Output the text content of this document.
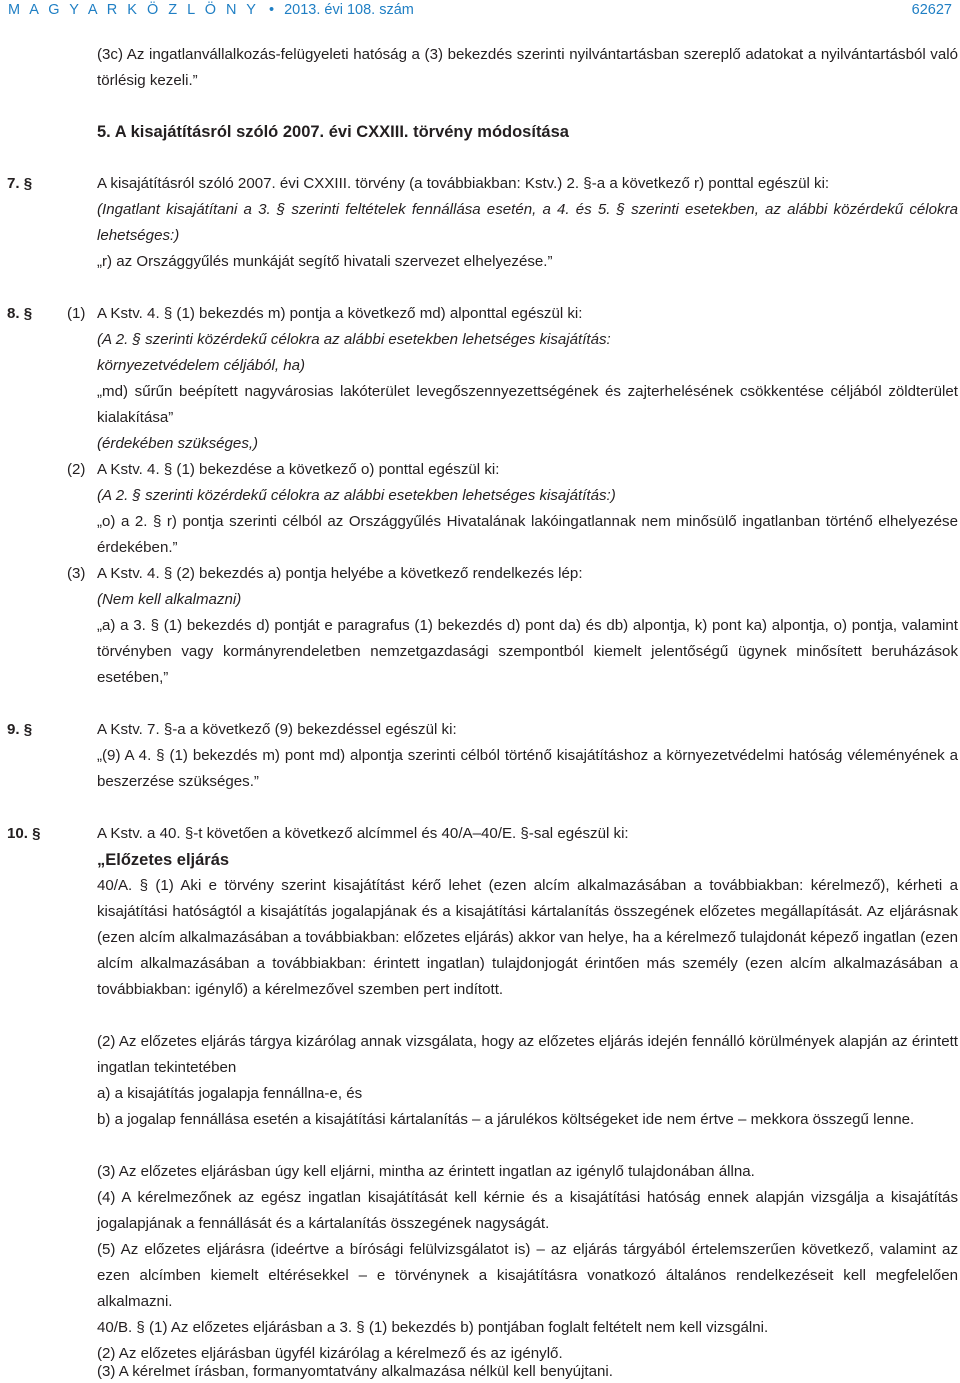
M A G Y A R K Ö Z L Ö N Y • 2013. évi 108. szám	62627

(3c) Az ingatlanvállalkozás-felügyeleti hatóság a (3) bekezdés szerinti nyilvántartásban szereplő adatokat a nyilvántartásból való törlésig kezeli.”

5. A kisajátításról szóló 2007. évi CXXIII. törvény módosítása

7. §	A kisajátításról szóló 2007. évi CXXIII. törvény (a továbbiakban: Kstv.) 2. §-a a következő r) ponttal egészül ki:

(Ingatlant kisajátítani a 3. § szerinti feltételek fennállása esetén, a 4. és 5. § szerinti esetekben, az alábbi közérdekű célokra lehetséges:)

„r) az Országgyűlés munkáját segítő hivatali szervezet elhelyezése.”

8. § (1) A Kstv. 4. § (1) bekezdés m) pontja a következő md) alponttal egészül ki:

(A 2. § szerinti közérdekű célokra az alábbi esetekben lehetséges kisajátítás:

környezetvédelem céljából, ha)

„md) sűrűn beépített nagyvárosias lakóterület levegőszennyezettségének és zajterhelésének csökkentése céljából zöldterület kialakítása”

(érdekében szükséges,)

(2) A Kstv. 4. § (1) bekezdése a következő o) ponttal egészül ki:

(A 2. § szerinti közérdekű célokra az alábbi esetekben lehetséges kisajátítás:)

„o) a 2. § r) pontja szerinti célból az Országgyűlés Hivatalának lakóingatlannak nem minősülő ingatlanban történő elhelyezése érdekében.”

(3) A Kstv. 4. § (2) bekezdés a) pontja helyébe a következő rendelkezés lép:

(Nem kell alkalmazni)

„a) a 3. § (1) bekezdés d) pontját e paragrafus (1) bekezdés d) pont da) és db) alpontja, k) pont ka) alpontja, o) pontja, valamint törvényben vagy kormányrendeletben nemzetgazdasági szempontból kiemelt jelentőségű ügynek minősített beruházások esetében,”

9. §	A Kstv. 7. §-a a következő (9) bekezdéssel egészül ki:

„(9) A 4. § (1) bekezdés m) pont md) alpontja szerinti célból történő kisajátításhoz a környezetvédelmi hatóság véleményének a beszerzése szükséges.”

10. §	A Kstv. a 40. §-t követően a következő alcímmel és 40/A–40/E. §-sal egészül ki:

„Előzetes eljárás

40/A. § (1) Aki e törvény szerint kisajátítást kérő lehet (ezen alcím alkalmazásában a továbbiakban: kérelmező), kérheti a kisajátítási hatóságtól a kisajátítás jogalapjának és a kisajátítási kártalanítás összegének előzetes megállapítását. Az eljárásnak (ezen alcím alkalmazásában a továbbiakban: előzetes eljárás) akkor van helye, ha a kérelmező tulajdonát képező ingatlan (ezen alcím alkalmazásában a továbbiakban: érintett ingatlan) tulajdonjogát érintően más személy (ezen alcím alkalmazásában a továbbiakban: igénylő) a kérelmezővel szemben pert indított.

(2) Az előzetes eljárás tárgya kizárólag annak vizsgálata, hogy az előzetes eljárás idején fennálló körülmények alapján az érintett ingatlan tekintetében

a) a kisajátítás jogalapja fennállna-e, és

b) a jogalap fennállása esetén a kisajátítási kártalanítás – a járulékos költségeket ide nem értve – mekkora összegű lenne.

(3) Az előzetes eljárásban úgy kell eljárni, mintha az érintett ingatlan az igénylő tulajdonában állna.

(4) A kérelmezőnek az egész ingatlan kisajátítását kell kérnie és a kisajátítási hatóság ennek alapján vizsgálja a kisajátítás jogalapjának a fennállását és a kártalanítás összegének nagyságát.

(5) Az előzetes eljárásra (ideértve a bírósági felülvizsgálatot is) – az eljárás tárgyából értelemszerűen következő, valamint az ezen alcímben kiemelt eltérésekkel – e törvénynek a kisajátításra vonatkozó általános rendelkezéseit kell megfelelően alkalmazni.

40/B. § (1) Az előzetes eljárásban a 3. § (1) bekezdés b) pontjában foglalt feltételt nem kell vizsgálni.

(2) Az előzetes eljárásban ügyfél kizárólag a kérelmező és az igénylő.

(3) A kérelmet írásban, formanyomtatvány alkalmazása nélkül kell benyújtani.
